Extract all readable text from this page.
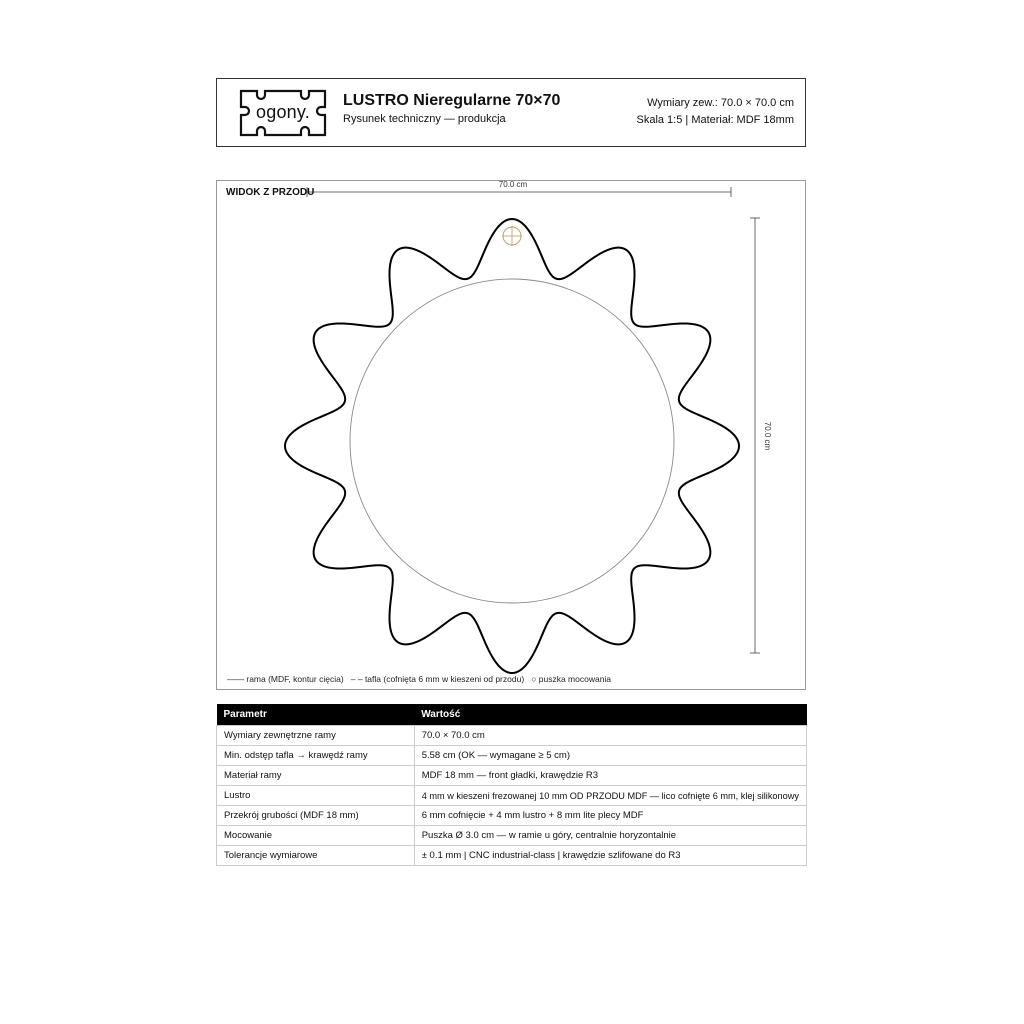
ogony.
LUSTRO Nieregularne 70×70
Rysunek techniczny — produkcja
Wymiary zew.: 70.0 × 70.0 cm
Skala 1:5 | Materiał: MDF 18mm
70.0 cm
70.0 cm
WIDOK Z PRZODU
—— rama (MDF, kontur cięcia) – – tafla (cofnięta 6 mm w kieszeni od przodu) ○ puszka mocowania
Parametr	Wartość
Wymiary zewnętrzne ramy	70.0 × 70.0 cm
Min. odstęp tafla → krawędź ramy	5.58 cm (OK — wymagane ≥ 5 cm)
Materiał ramy	MDF 18 mm — front gładki, krawędzie R3
Lustro	4 mm w kieszeni frezowanej 10 mm OD PRZODU MDF — lico cofnięte 6 mm, klej silikonowy
Przekrój grubości (MDF 18 mm)	6 mm cofnięcie + 4 mm lustro + 8 mm lite plecy MDF
Mocowanie	Puszka Ø 3.0 cm — w ramie u góry, centralnie horyzontalnie
Tolerancje wymiarowe	± 0.1 mm | CNC industrial-class | krawędzie szlifowane do R3
